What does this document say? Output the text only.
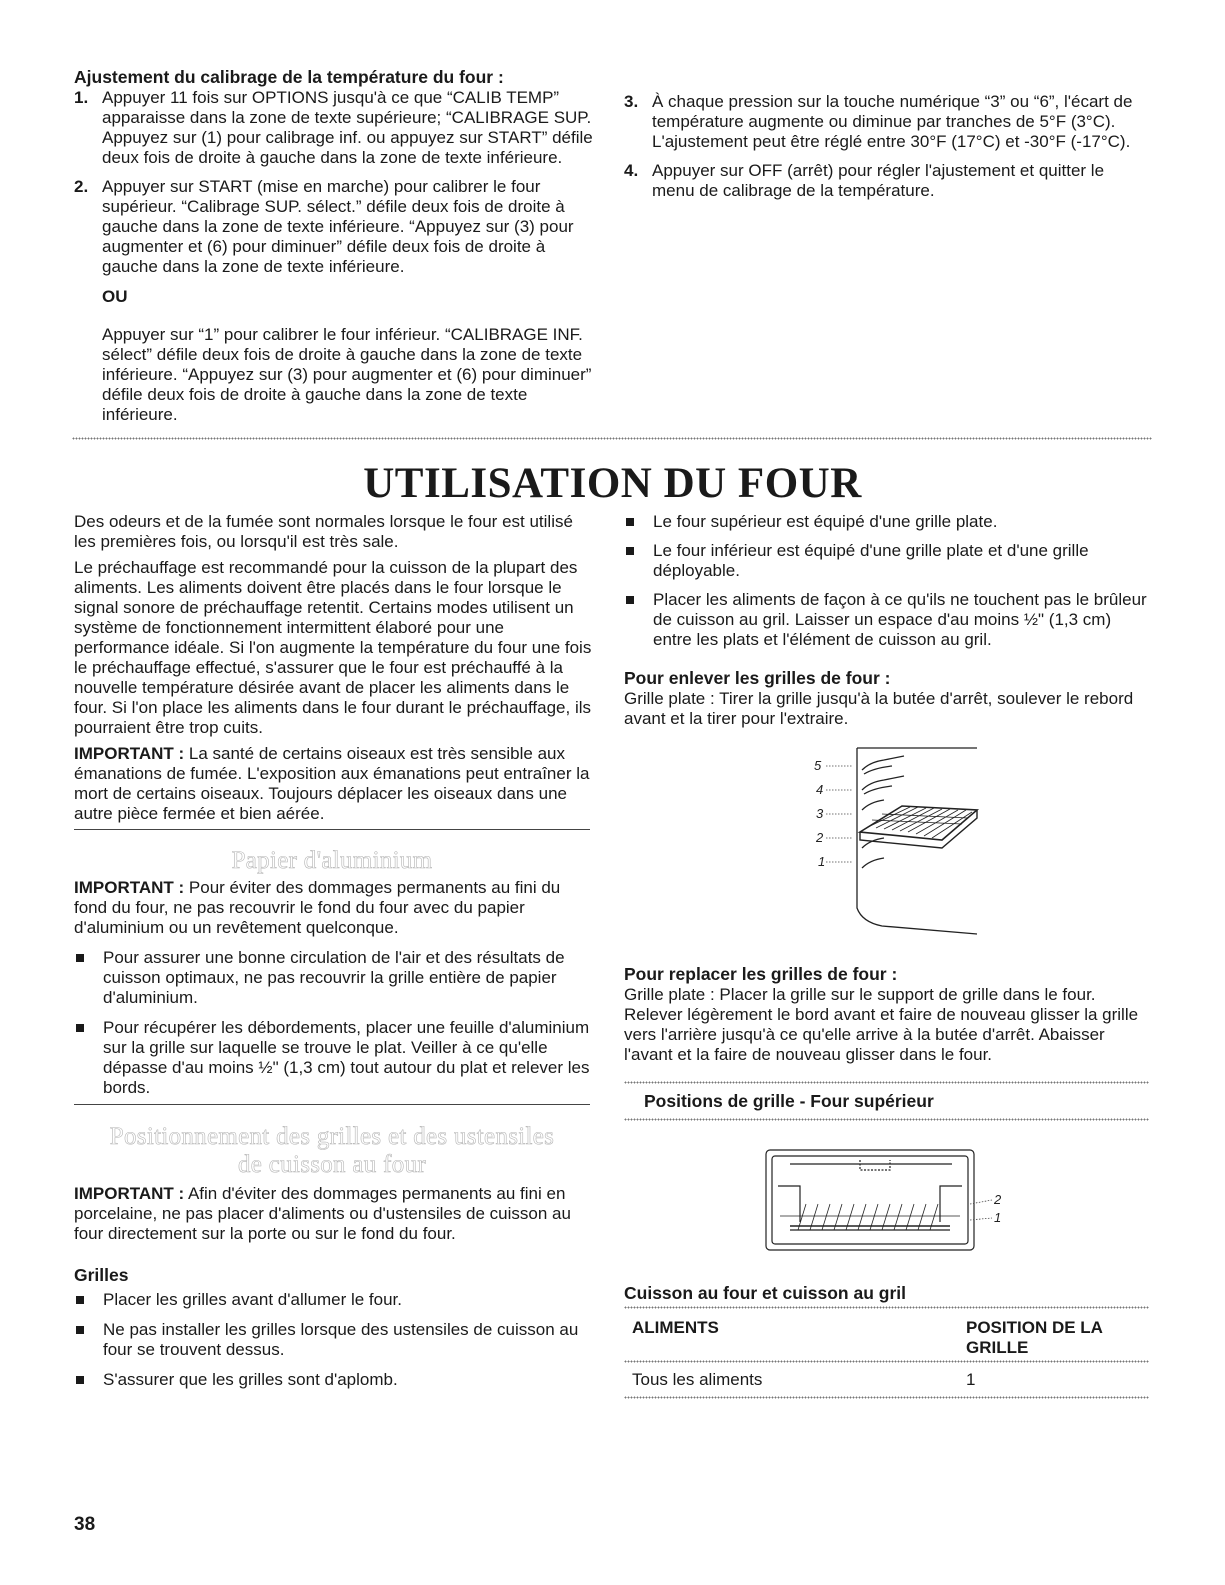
Ajustement du calibrage de la température du four :
1. Appuyer 11 fois sur OPTIONS jusqu'à ce que “CALIB TEMP” apparaisse dans la zone de texte supérieure; “CALIBRAGE SUP. Appuyez sur (1) pour calibrage inf. ou appuyez sur START” défile deux fois de droite à gauche dans la zone de texte inférieure.
2. Appuyer sur START (mise en marche) pour calibrer le four supérieur. “Calibrage SUP. sélect.” défile deux fois de droite à gauche dans la zone de texte inférieure. “Appuyez sur (3) pour augmenter et (6) pour diminuer” défile deux fois de droite à gauche dans la zone de texte inférieure.
OU
Appuyer sur “1” pour calibrer le four inférieur. “CALIBRAGE INF. sélect” défile deux fois de droite à gauche dans la zone de texte inférieure. “Appuyez sur (3) pour augmenter et (6) pour diminuer” défile deux fois de droite à gauche dans la zone de texte inférieure.
3. À chaque pression sur la touche numérique “3” ou “6”, l'écart de température augmente ou diminue par tranches de 5°F (3°C). L'ajustement peut être réglé entre 30°F (17°C) et -30°F (-17°C).
4. Appuyer sur OFF (arrêt) pour régler l'ajustement et quitter le menu de calibrage de la température.
UTILISATION DU FOUR

Des odeurs et de la fumée sont normales lorsque le four est utilisé les premières fois, ou lorsqu'il est très sale.

Le préchauffage est recommandé pour la cuisson de la plupart des aliments. Les aliments doivent être placés dans le four lorsque le signal sonore de préchauffage retentit. Certains modes utilisent un système de fonctionnement intermittent élaboré pour une performance idéale. Si l'on augmente la température du four une fois le préchauffage effectué, s'assurer que le four est préchauffé à la nouvelle température désirée avant de placer les aliments dans le four. Si l'on place les aliments dans le four durant le préchauffage, ils pourraient être trop cuits.

IMPORTANT : La santé de certains oiseaux est très sensible aux émanations de fumée. L'exposition aux émanations peut entraîner la mort de certains oiseaux. Toujours déplacer les oiseaux dans une autre pièce fermée et bien aérée.

Papier d'aluminium

IMPORTANT : Pour éviter des dommages permanents au fini du fond du four, ne pas recouvrir le fond du four avec du papier d'aluminium ou un revêtement quelconque.

Pour assurer une bonne circulation de l'air et des résultats de cuisson optimaux, ne pas recouvrir la grille entière de papier d'aluminium.
Pour récupérer les débordements, placer une feuille d'aluminium sur la grille sur laquelle se trouve le plat. Veiller à ce qu'elle dépasse d'au moins ½" (1,3 cm) tout autour du plat et relever les bords.
Positionnement des grilles et des ustensiles
de cuisson au four

IMPORTANT : Afin d'éviter des dommages permanents au fini en porcelaine, ne pas placer d'aliments ou d'ustensiles de cuisson au four directement sur la porte ou sur le fond du four.

Grilles
Placer les grilles avant d'allumer le four.
Ne pas installer les grilles lorsque des ustensiles de cuisson au four se trouvent dessus.
S'assurer que les grilles sont d'aplomb.
Le four supérieur est équipé d'une grille plate.
Le four inférieur est équipé d'une grille plate et d'une grille déployable.
Placer les aliments de façon à ce qu'ils ne touchent pas le brûleur de cuisson au gril. Laisser un espace d'au moins ½" (1,3 cm) entre les plats et l'élément de cuisson au gril.
Pour enlever les grilles de four :

Grille plate : Tirer la grille jusqu'à la butée d'arrêt, soulever le rebord avant et la tirer pour l'extraire.

5
4
3
2
1
Pour replacer les grilles de four :

Grille plate : Placer la grille sur le support de grille dans le four. Relever légèrement le bord avant et faire de nouveau glisser la grille vers l'arrière jusqu'à ce qu'elle arrive à la butée d'arrêt. Abaisser l'avant et la faire de nouveau glisser dans le four.

Positions de grille - Four supérieur
2
1
Cuisson au four et cuisson au gril
ALIMENTS	POSITION DE LA
GRILLE
Tous les aliments	1
38
